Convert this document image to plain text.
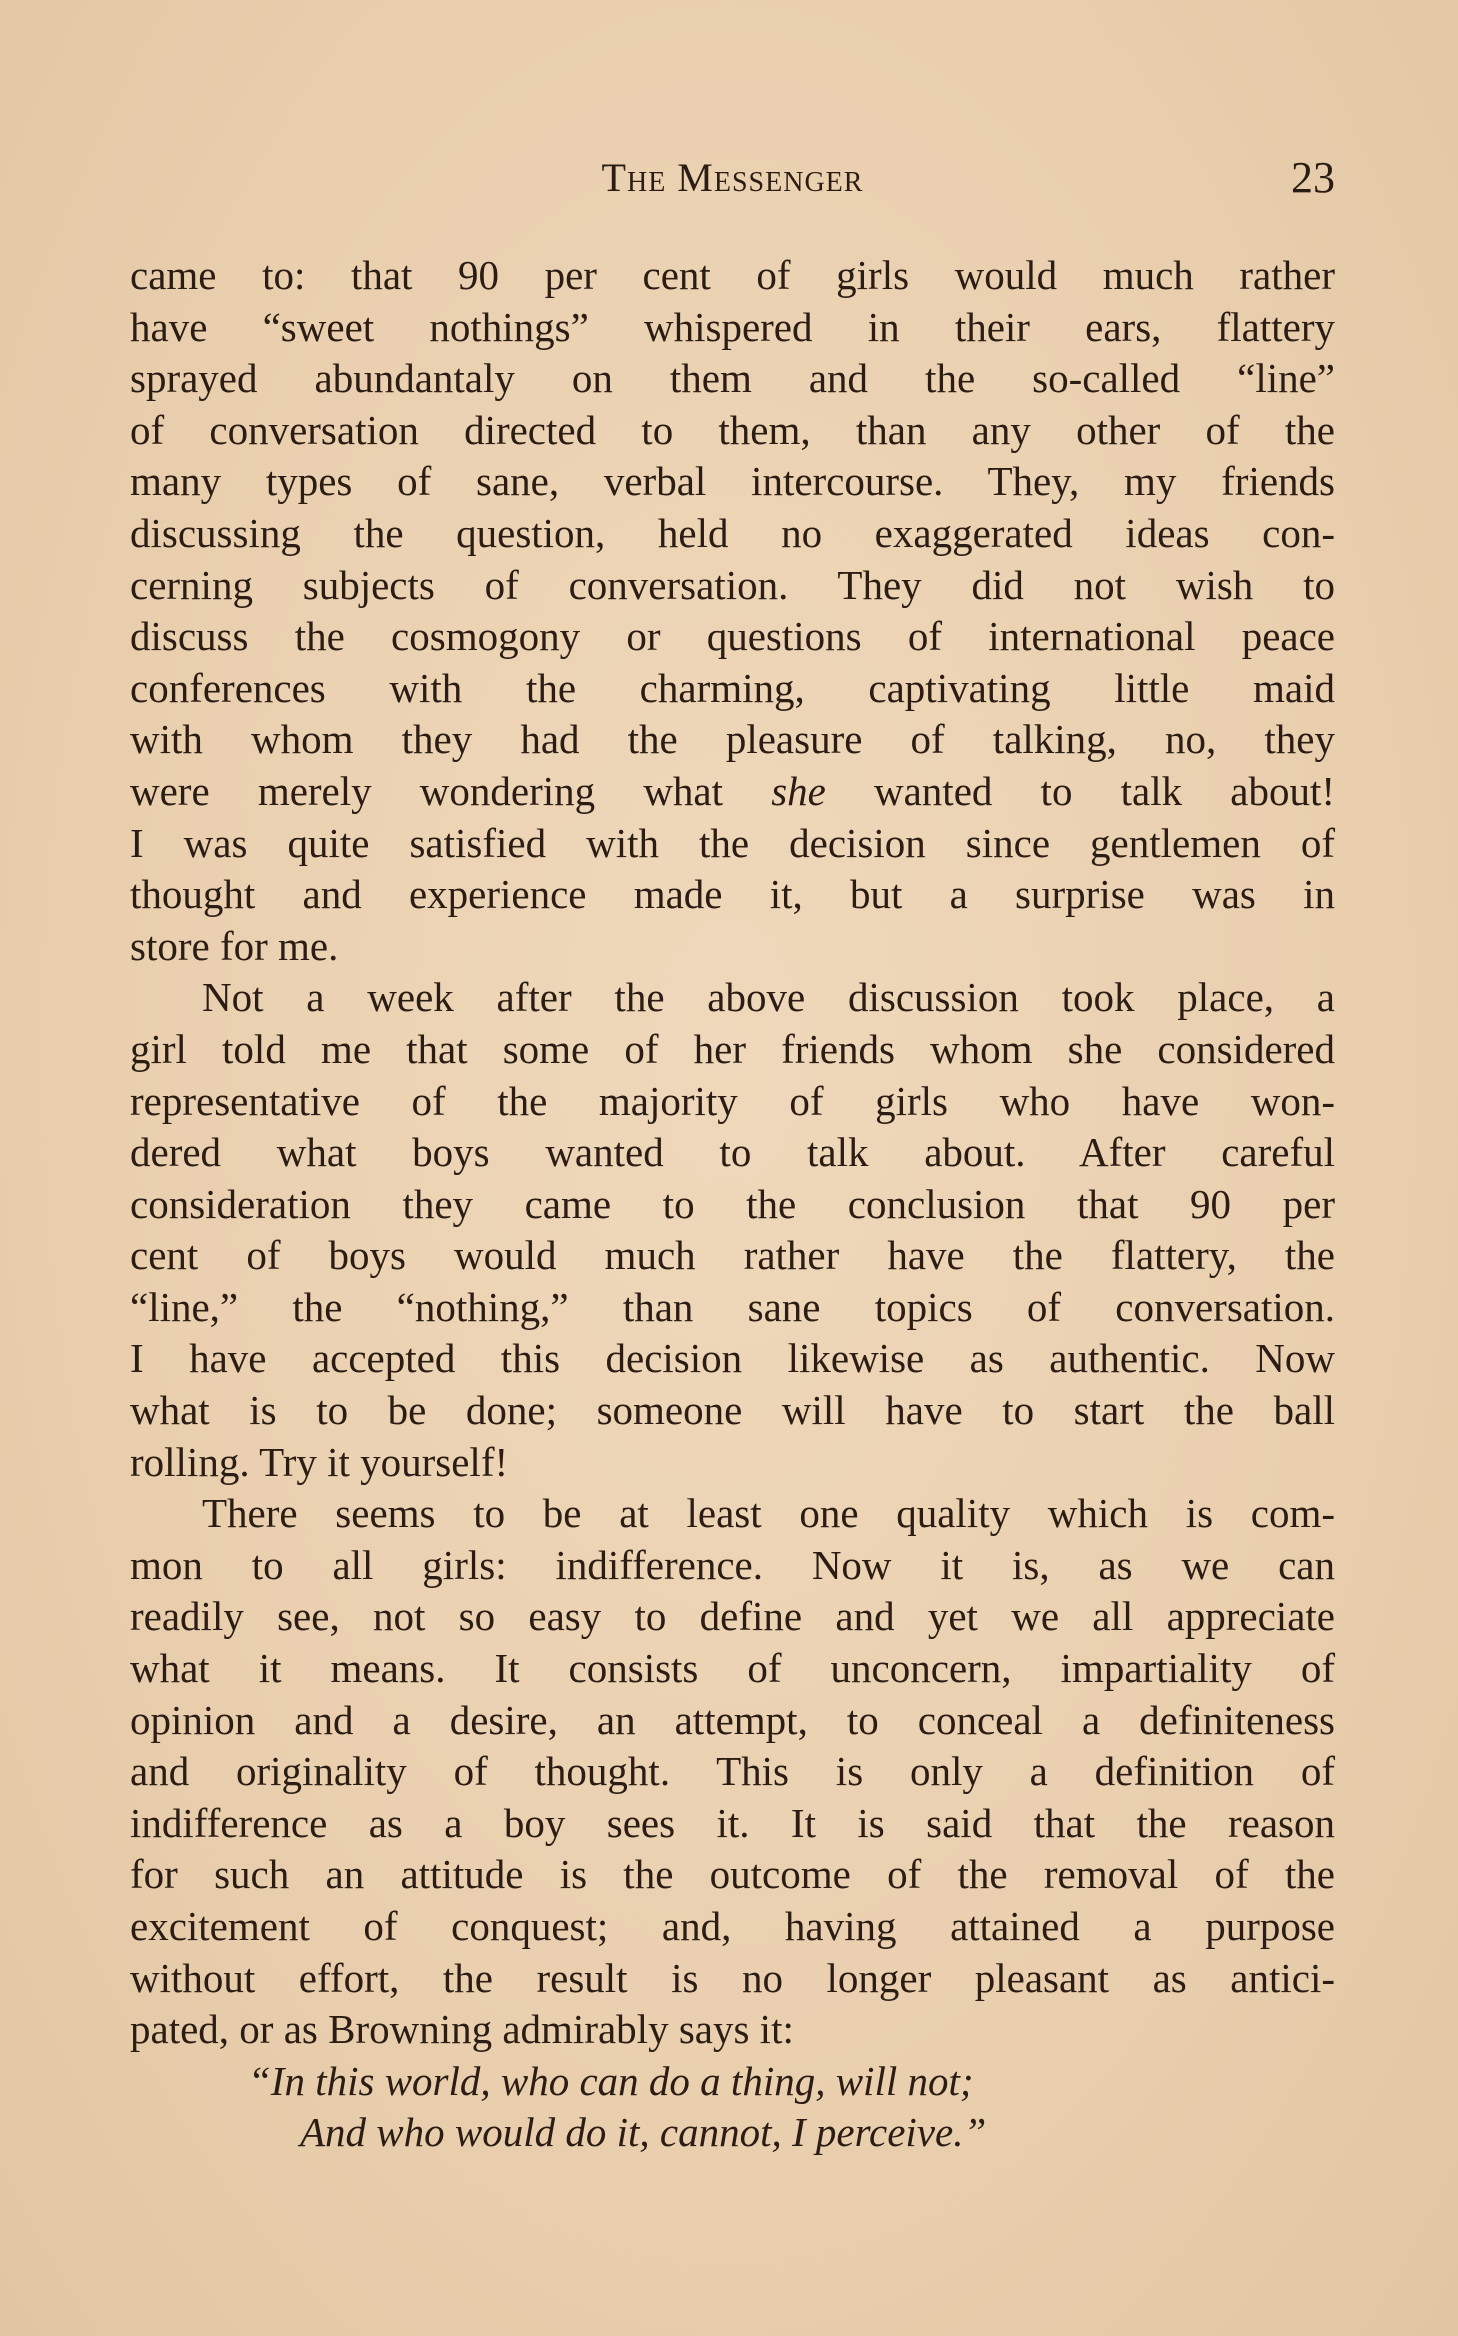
The Messenger	23
came to: that 90 per cent of girls would much rather
have “sweet nothings” whispered in their ears, flattery
sprayed abundantaly on them and the so-called “line”
of conversation directed to them, than any other of the
many types of sane, verbal intercourse. They, my friends
discussing the question, held no exaggerated ideas con-
cerning subjects of conversation. They did not wish to
discuss the cosmogony or questions of international peace
conferences with the charming, captivating little maid
with whom they had the pleasure of talking, no, they
were merely wondering what she wanted to talk about!
I was quite satisfied with the decision since gentlemen of
thought and experience made it, but a surprise was in
store for me.
Not a week after the above discussion took place, a
girl told me that some of her friends whom she considered
representative of the majority of girls who have won-
dered what boys wanted to talk about. After careful
consideration they came to the conclusion that 90 per
cent of boys would much rather have the flattery, the
“line,” the “nothing,” than sane topics of conversation.
I have accepted this decision likewise as authentic. Now
what is to be done; someone will have to start the ball
rolling. Try it yourself!
There seems to be at least one quality which is com-
mon to all girls: indifference. Now it is, as we can
readily see, not so easy to define and yet we all appreciate
what it means. It consists of unconcern, impartiality of
opinion and a desire, an attempt, to conceal a definiteness
and originality of thought. This is only a definition of
indifference as a boy sees it. It is said that the reason
for such an attitude is the outcome of the removal of the
excitement of conquest; and, having attained a purpose
without effort, the result is no longer pleasant as antici-
pated, or as Browning admirably says it:
“In this world, who can do a thing, will not;
And who would do it, cannot, I perceive.”
